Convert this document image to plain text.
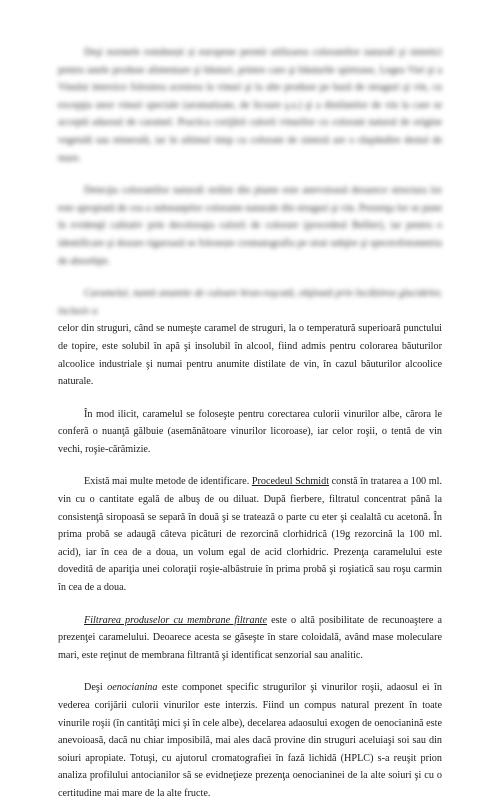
Deşi normele românești și europene permit utilizarea colorantilor naturali şi sintetici pentru unele produse alimentare şi băuturi, printre care şi băuturile spirtoase, Legea Viei şi a Vinului interzice folosirea acestora la vinuri şi la alte produse pe bază de struguri şi vin, cu excepţia unor vinuri speciale (aromatizate, de licoare ş.a.) şi a distilatelor de vin la care se acceptă adaosul de caramel. Practica corijării culorii vinurilor cu colorant natural de origine vegetală sau minerală, iar în ultimul timp cu colorant de sinteză are o răspândire destul de mare.

Detecţia colorantilor naturali străini din plante este anevoioasă deoarece structura lor este apropiată de cea a substanţelor colorante naturale din struguri şi vin. Prezenţa lor se pune în evidenţă calitativ prin decoloraţia culorii de colorare (procedeul Bellier), iar pentru o identificare şi dozare riguroasă se folosește cromatografia pe strat subţire şi spectrofotometria de absorbţie.

Caramelul, numit anumite de culoare brun-roşcată, obţinută prin încălzirea glucidelor, inclusiv a

celor din struguri, când se numeşte caramel de struguri, la o temperatură superioară punctului de topire, este solubil în apă şi insolubil în alcool, fiind admis pentru colorarea băuturilor alcoolice industriale şi numai pentru anumite distilate de vin, în cazul băuturilor alcoolice naturale.

În mod ilicit, caramelul se foloseşte pentru corectarea culorii vinurilor albe, cărora le conferă o nuanţă gălbuie (asemănătoare vinurilor licoroase), iar celor roşii, o tentă de vin vechi, roşie-cărămizie.

Există mai multe metode de identificare. Procedeul Schmidt constă în tratarea a 100 ml. vin cu o cantitate egală de albuş de ou diluat. După fierbere, filtratul concentrat până la consistenţă siropoasă se separă în două şi se tratează o parte cu eter şi cealaltă cu acetonă. În prima probă se adaugă câteva picături de rezorcină clorhidrică (19g rezorcină la 100 ml. acid), iar în cea de a doua, un volum egal de acid clorhidric. Prezenţa caramelului este dovedită de apariţia unei coloraţii roşie-albăstruie în prima probă şi roşiatică sau roşu carmin în cea de a doua.

Filtrarea produselor cu membrane filtrante este o altă posibilitate de recunoaştere a prezenţei caramelului. Deoarece acesta se găseşte în stare coloidală, având mase moleculare mari, este reţinut de membrana filtrantă şi identificat senzorial sau analitic.

Deşi oenocianina este componet specific strugurilor şi vinurilor roşii, adaosul ei în vederea corijării culorii vinurilor este interzis. Fiind un compus natural prezent în toate vinurile roşii (în cantităţi mici şi în cele albe), decelarea adaosului exogen de oenocianină este anevoioasă, dacă nu chiar imposibilă, mai ales dacă provine din struguri aceluiaşi soi sau din soiuri apropiate. Totuşi, cu ajutorul cromatografiei în fază lichidă (HPLC) s-a reuşit prion analiza profilului antocianilor să se evidneţieze prezenţa oenocianinei de la alte soiuri şi cu o certitudine mai mare de la alte fructe.
